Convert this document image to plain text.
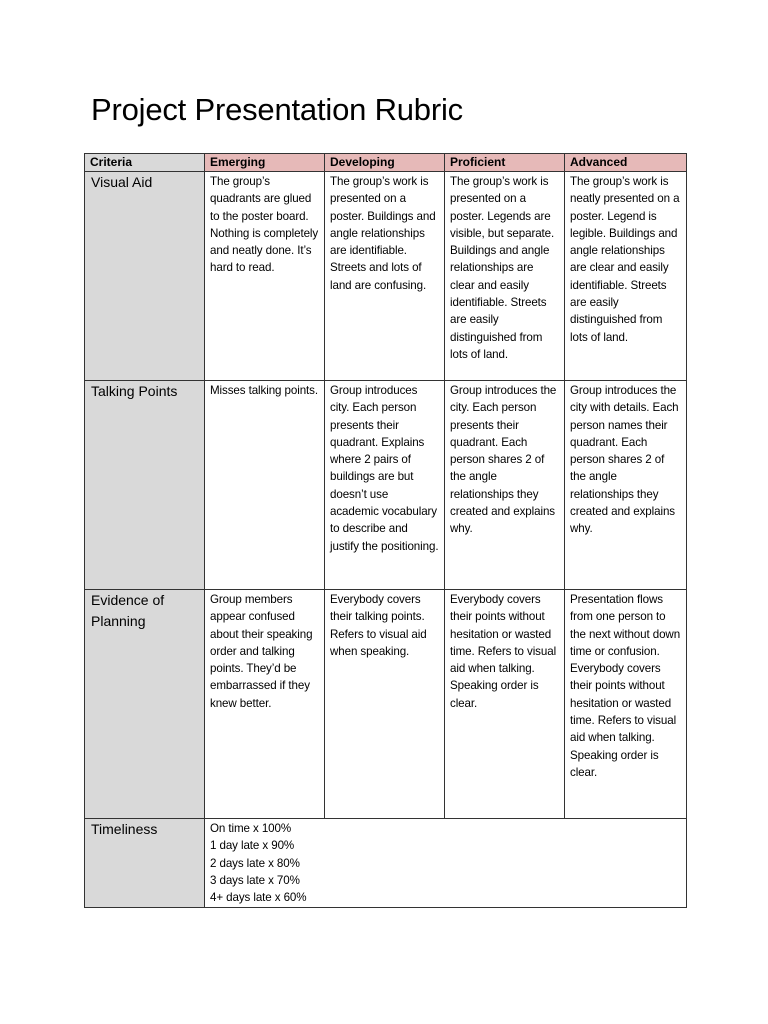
Project Presentation Rubric
Criteria	Emerging	Developing	Proficient	Advanced

Visual Aid	The group’s quadrants are glued to the poster board. Nothing is completely and neatly done. It’s hard to read.	The group’s work is presented on a poster. Buildings and angle relationships are identifiable. Streets and lots of land are confusing.	The group’s work is presented on a poster. Legends are visible, but separate. Buildings and angle relationships are clear and easily identifiable. Streets are easily distinguished from lots of land.	The group’s work is neatly presented on a poster. Legend is legible. Buildings and angle relationships are clear and easily identifiable. Streets are easily distinguished from lots of land.

Talking Points	Misses talking points.	Group introduces city. Each person presents their quadrant. Explains where 2 pairs of buildings are but doesn’t use academic vocabulary to describe and justify the positioning.	Group introduces the city. Each person presents their quadrant. Each person shares 2 of the angle relationships they created and explains why.	Group introduces the city with details. Each person names their quadrant. Each person shares 2 of the angle relationships they created and explains why.

Evidence of Planning	Group members appear confused about their speaking order and talking points. They’d be embarrassed if they knew better.	Everybody covers their talking points. Refers to visual aid when speaking.	Everybody covers their points without hesitation or wasted time. Refers to visual aid when talking. Speaking order is clear.	Presentation flows from one person to the next without down time or confusion. Everybody covers their points without hesitation or wasted time. Refers to visual aid when talking. Speaking order is clear.

Timeliness	On time x 100%
1 day late x 90%
2 days late x 80%
3 days late x 70%
4+ days late x 60%			
